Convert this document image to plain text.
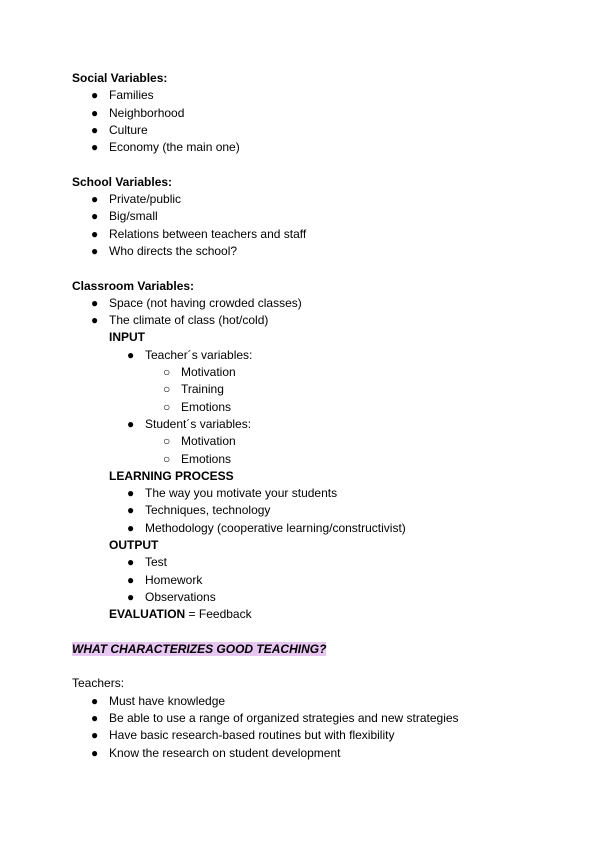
Social Variables:
● Families
● Neighborhood
● Culture
● Economy (the main one)
School Variables:
● Private/public
● Big/small
● Relations between teachers and staff
● Who directs the school?
Classroom Variables:
● Space (not having crowded classes)
● The climate of class (hot/cold)
INPUT
● Teacher´s variables:
○ Motivation
○ Training
○ Emotions
● Student´s variables:
○ Motivation
○ Emotions
LEARNING PROCESS
● The way you motivate your students
● Techniques, technology
● Methodology (cooperative learning/constructivist)
OUTPUT
● Test
● Homework
● Observations
EVALUATION = Feedback
WHAT CHARACTERIZES GOOD TEACHING?
Teachers:
● Must have knowledge
● Be able to use a range of organized strategies and new strategies
● Have basic research-based routines but with flexibility
● Know the research on student development
